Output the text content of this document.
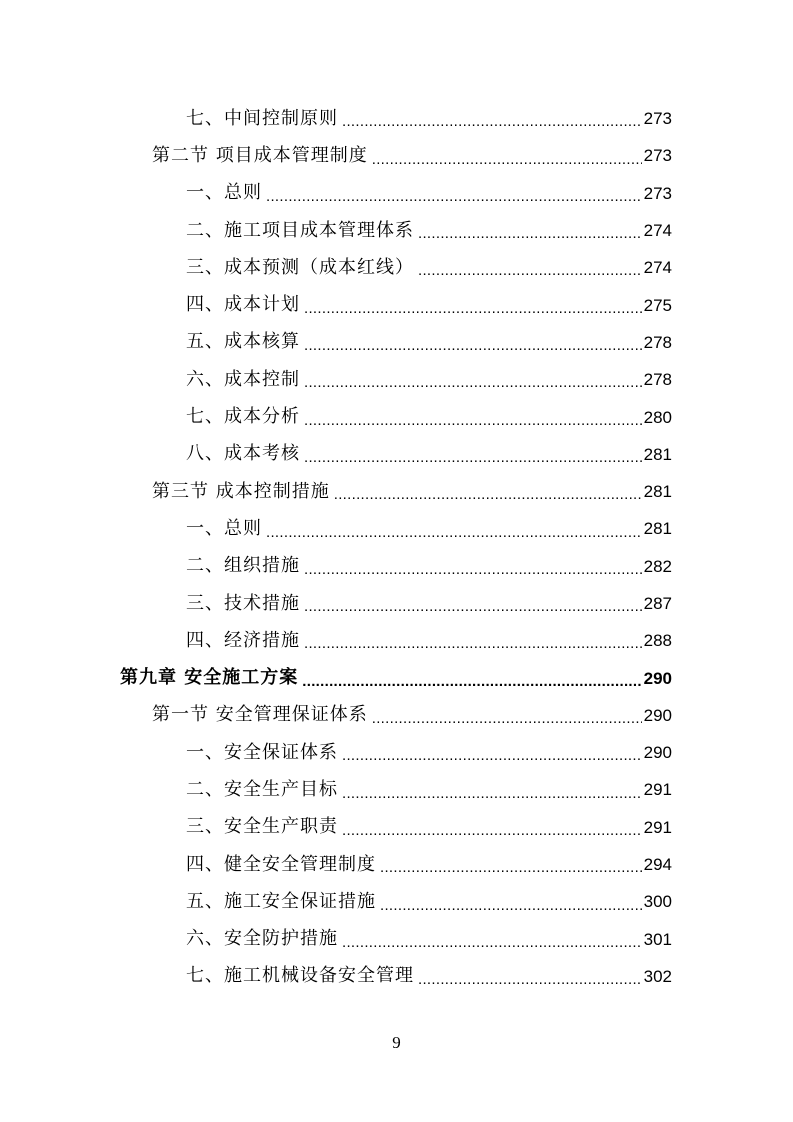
七、中间控制原则 .....	273
第二节 项目成本管理制度 .....	273
一、总则 .....	273
二、施工项目成本管理体系 .....	274
三、成本预测（成本红线） .....	274
四、成本计划 .....	275
五、成本核算 .....	278
六、成本控制 .....	278
七、成本分析 .....	280
八、成本考核 .....	281
第三节 成本控制措施 .....	281
一、总则 .....	281
二、组织措施 .....	282
三、技术措施 .....	287
四、经济措施 .....	288
第九章 安全施工方案 .....	290
第一节 安全管理保证体系 .....	290
一、安全保证体系 .....	290
二、安全生产目标 .....	291
三、安全生产职责 .....	291
四、健全安全管理制度 .....	294
五、施工安全保证措施 .....	300
六、安全防护措施 .....	301
七、施工机械设备安全管理 .....	302
9
